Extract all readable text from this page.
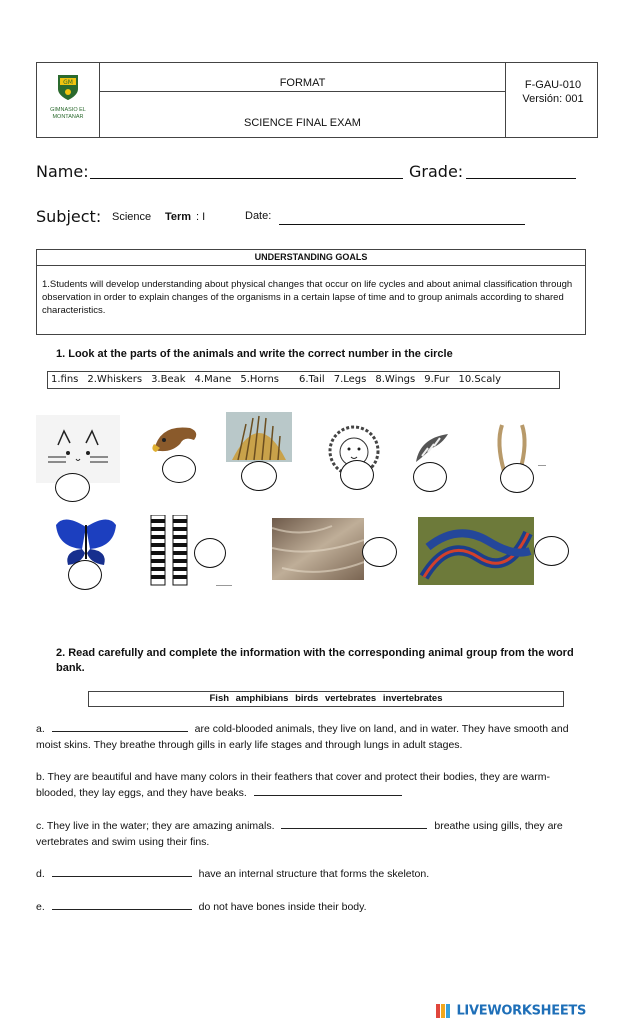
GM
GIMNASIO EL MONTANAR
FORMAT
SCIENCE FINAL EXAM
F-GAU-010
Versión: 001
Name:	Grade:
Subject: Science Term : I	Date:
UNDERSTANDING GOALS
1.Students will develop understanding about physical changes that occur on life cycles and about animal classification through observation in order to explain changes of the organisms in a certain lapse of time and to group animals according to shared characteristics.
1. Look at the parts of the animals and write the correct number in the circle
1.fins 2.Whiskers 3.Beak 4.Mane 5.Horns 6.Tail 7.Legs 8.Wings 9.Fur 10.Scaly
2. Read carefully and complete the information with the corresponding animal group from the word bank.
Fish amphibians birds vertebrates invertebrates
a.	are cold-blooded animals, they live on land, and in water. They have smooth and moist skins. They breathe through gills in early life stages and through lungs in adult stages.
b. They are beautiful and have many colors in their feathers that cover and protect their bodies, they are warm-blooded, they lay eggs, and they have beaks.
c. They live in the water; they are amazing animals.	breathe using gills, they are vertebrates and swim using their fins.
d.	have an internal structure that forms the skeleton.
e.	do not have bones inside their body.
LIVEWORKSHEETS
